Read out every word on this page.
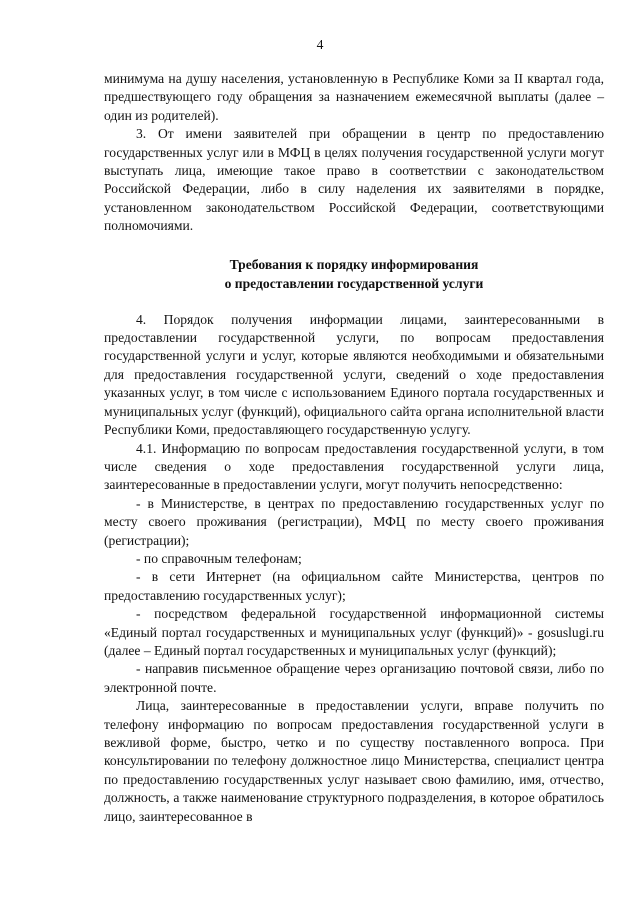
4

минимума на душу населения, установленную в Республике Коми за II квартал года, предшествующего году обращения за назначением ежемесячной выплаты (далее – один из родителей).

3. От имени заявителей при обращении в центр по предоставлению государственных услуг или в МФЦ в целях получения государственной услуги могут выступать лица, имеющие такое право в соответствии с законодательством Российской Федерации, либо в силу наделения их заявителями в порядке, установленном законодательством Российской Федерации, соответствующими полномочиями.

Требования к порядку информирования
о предоставлении государственной услуги

4. Порядок получения информации лицами, заинтересованными в предоставлении государственной услуги, по вопросам предоставления государственной услуги и услуг, которые являются необходимыми и обязательными для предоставления государственной услуги, сведений о ходе предоставления указанных услуг, в том числе с использованием Единого портала государственных и муниципальных услуг (функций), официального сайта органа исполнительной власти Республики Коми, предоставляющего государственную услугу.

4.1. Информацию по вопросам предоставления государственной услуги, в том числе сведения о ходе предоставления государственной услуги лица, заинтересованные в предоставлении услуги, могут получить непосредственно:

- в Министерстве, в центрах по предоставлению государственных услуг по месту своего проживания (регистрации), МФЦ по месту своего проживания (регистрации);

- по справочным телефонам;

- в сети Интернет (на официальном сайте Министерства, центров по предоставлению государственных услуг);

- посредством федеральной государственной информационной системы «Единый портал государственных и муниципальных услуг (функций)» - gosuslugi.ru (далее – Единый портал государственных и муниципальных услуг (функций);

- направив письменное обращение через организацию почтовой связи, либо по электронной почте.

Лица, заинтересованные в предоставлении услуги, вправе получить по телефону информацию по вопросам предоставления государственной услуги в вежливой форме, быстро, четко и по существу поставленного вопроса. При консультировании по телефону должностное лицо Министерства, специалист центра по предоставлению государственных услуг называет свою фамилию, имя, отчество, должность, а также наименование структурного подразделения, в которое обратилось лицо, заинтересованное в
